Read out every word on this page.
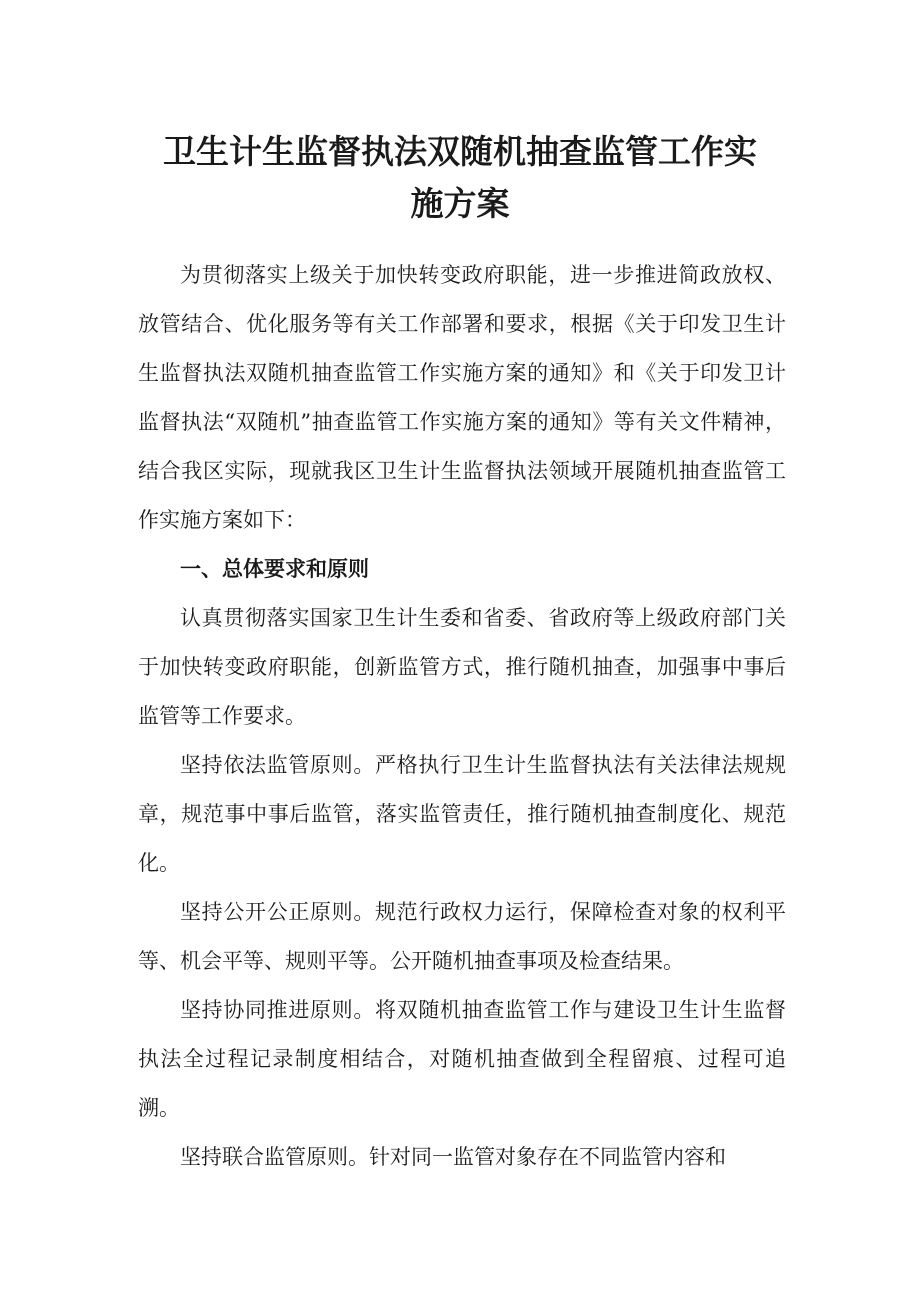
卫生计生监督执法双随机抽查监管工作实
施方案

为贯彻落实上级关于加快转变政府职能，进一步推进简政放权、放管结合、优化服务等有关工作部署和要求，根据《关于印发卫生计生监督执法双随机抽查监管工作实施方案的通知》和《关于印发卫计监督执法“双随机”抽查监管工作实施方案的通知》等有关文件精神，结合我区实际，现就我区卫生计生监督执法领域开展随机抽查监管工作实施方案如下：

一、总体要求和原则

认真贯彻落实国家卫生计生委和省委、省政府等上级政府部门关于加快转变政府职能，创新监管方式，推行随机抽查，加强事中事后监管等工作要求。

坚持依法监管原则。严格执行卫生计生监督执法有关法律法规规章，规范事中事后监管，落实监管责任，推行随机抽查制度化、规范化。

坚持公开公正原则。规范行政权力运行，保障检查对象的权利平等、机会平等、规则平等。公开随机抽查事项及检查结果。

坚持协同推进原则。将双随机抽查监管工作与建设卫生计生监督执法全过程记录制度相结合，对随机抽查做到全程留痕、过程可追溯。

坚持联合监管原则。针对同一监管对象存在不同监管内容和
